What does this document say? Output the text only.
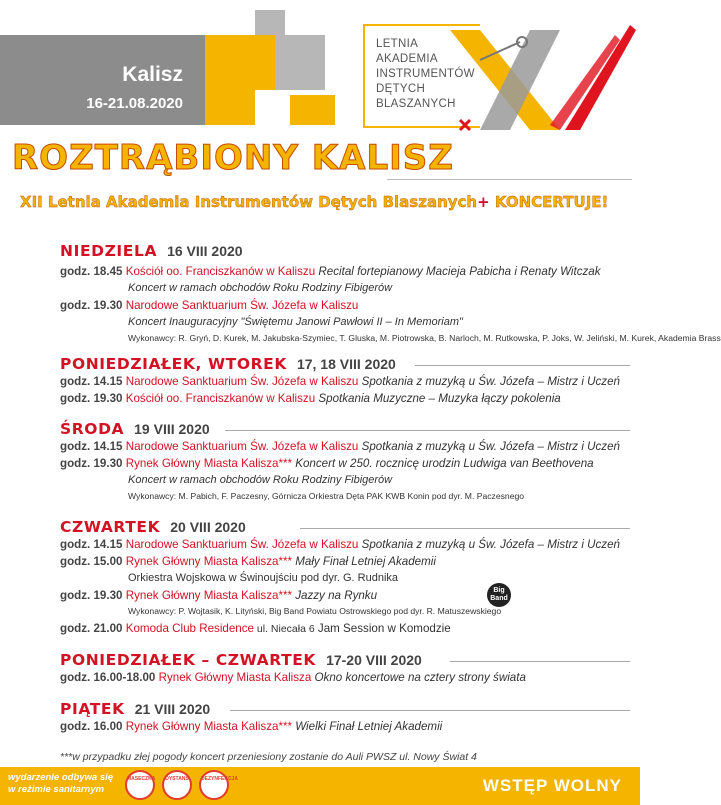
Kalisz
16-21.08.2020
LETNIA
AKADEMIA
INSTRUMENTÓW
DĘTYCH
BLASZANYCH
ROZTRĄBIONY KALISZ
XII Letnia Akademia Instrumentów Dętych Blaszanych+ KONCERTUJE!
NIEDZIELA 16 VIII 2020
godz. 18.45 Kościół oo. Franciszkanów w Kaliszu Recital fortepianowy Macieja Pabicha i Renaty Witczak
Koncert w ramach obchodów Roku Rodziny Fibigerów
godz. 19.30 Narodowe Sanktuarium Św. Józefa w Kaliszu
Koncert Inauguracyjny "Świętemu Janowi Pawłowi II – In Memoriam"
Wykonawcy: R. Gryń, D. Kurek, M. Jakubska-Szymiec, T. Gluska, M. Piotrowska, B. Narloch, M. Rutkowska, P. Joks, W. Jeliński, M. Kurek, Akademia Brass
PONIEDZIAŁEK, WTOREK 17, 18 VIII 2020
godz. 14.15 Narodowe Sanktuarium Św. Józefa w Kaliszu Spotkania z muzyką u Św. Józefa – Mistrz i Uczeń
godz. 19.30 Kościół oo. Franciszkanów w Kaliszu Spotkania Muzyczne – Muzyka łączy pokolenia
ŚRODA 19 VIII 2020
godz. 14.15 Narodowe Sanktuarium Św. Józefa w Kaliszu Spotkania z muzyką u Św. Józefa – Mistrz i Uczeń
godz. 19.30 Rynek Główny Miasta Kalisza*** Koncert w 250. rocznicę urodzin Ludwiga van Beethovena
Koncert w ramach obchodów Roku Rodziny Fibigerów
Wykonawcy: M. Pabich, F. Paczesny, Górnicza Orkiestra Dęta PAK KWB Konin pod dyr. M. Paczesnego
CZWARTEK 20 VIII 2020
godz. 14.15 Narodowe Sanktuarium Św. Józefa w Kaliszu Spotkania z muzyką u Św. Józefa – Mistrz i Uczeń
godz. 15.00 Rynek Główny Miasta Kalisza*** Mały Finał Letniej Akademii
Orkiestra Wojskowa w Świnoujściu pod dyr. G. Rudnika
godz. 19.30 Rynek Główny Miasta Kalisza*** Jazzy na Rynku	Big Band
Wykonawcy: P. Wojtasik, K. Lityński, Big Band Powiatu Ostrowskiego pod dyr. R. Matuszewskiego
godz. 21.00 Komoda Club Residence ul. Niecała 6 Jam Session w Komodzie
PONIEDZIAŁEK – CZWARTEK 17-20 VIII 2020
godz. 16.00-18.00 Rynek Główny Miasta Kalisza Okno koncertowe na cztery strony świata
PIĄTEK 21 VIII 2020
godz. 16.00 Rynek Główny Miasta Kalisza*** Wielki Finał Letniej Akademii
***w przypadku złej pogody koncert przeniesiony zostanie do Auli PWSZ ul. Nowy Świat 4
wydarzenie odbywa się
w reżimie sanitarnym
MASECZKA DYSTANS DEZYNFEKCJA	WSTĘP WOLNY
